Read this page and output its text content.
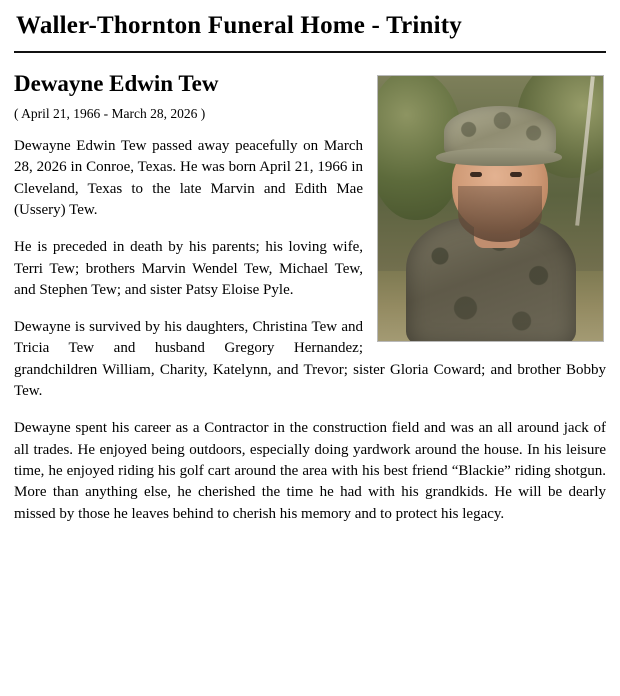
Waller-Thornton Funeral Home - Trinity
Dewayne Edwin Tew
( April 21, 1966 - March 28, 2026 )

Dewayne Edwin Tew passed away peacefully on March 28, 2026 in Conroe, Texas. He was born April 21, 1966 in Cleveland, Texas to the late Marvin and Edith Mae (Ussery) Tew.

He is preceded in death by his parents; his loving wife, Terri Tew; brothers Marvin Wendel Tew, Michael Tew, and Stephen Tew; and sister Patsy Eloise Pyle.

Dewayne is survived by his daughters, Christina Tew and Tricia Tew and husband Gregory Hernandez; grandchildren William, Charity, Katelynn, and Trevor; sister Gloria Coward; and brother Bobby Tew.

Dewayne spent his career as a Contractor in the construction field and was an all around jack of all trades. He enjoyed being outdoors, especially doing yardwork around the house. In his leisure time, he enjoyed riding his golf cart around the area with his best friend “Blackie” riding shotgun. More than anything else, he cherished the time he had with his grandkids. He will be dearly missed by those he leaves behind to cherish his memory and to protect his legacy.
